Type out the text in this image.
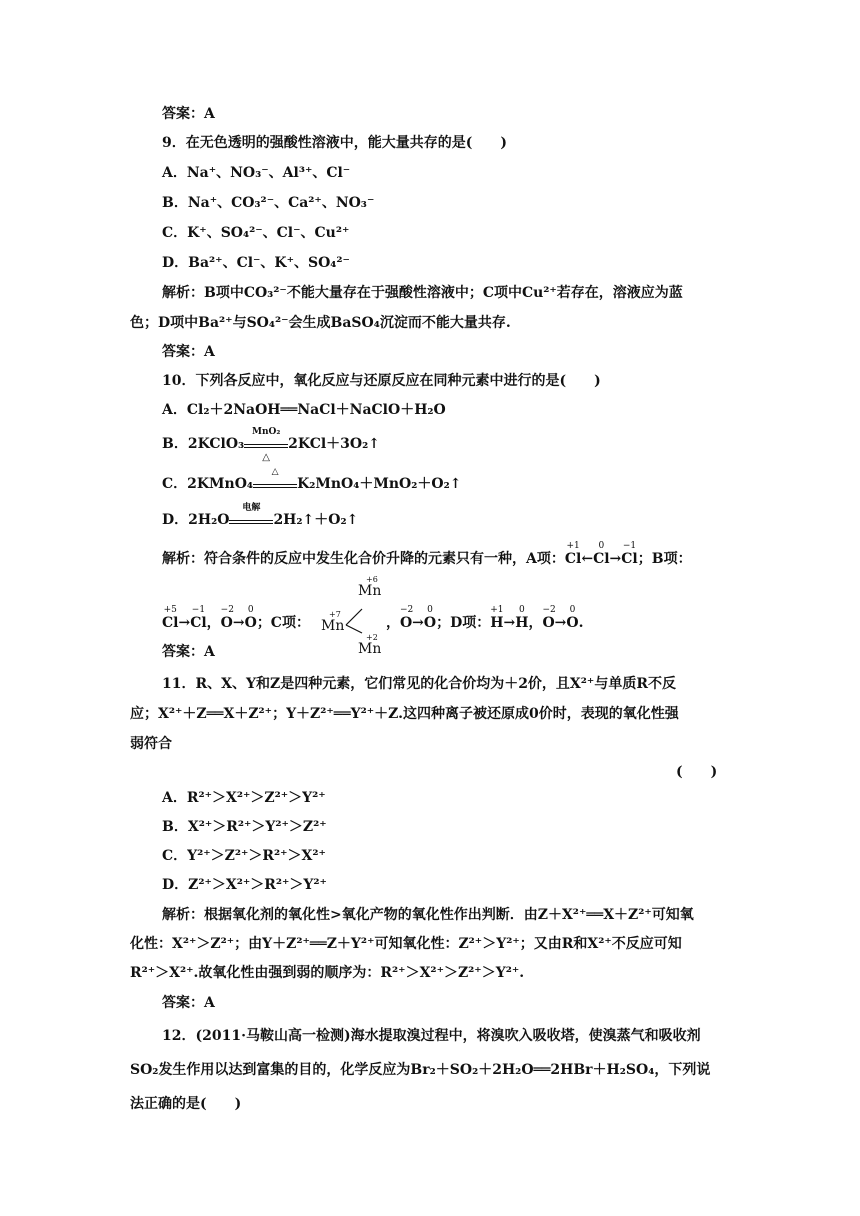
答案：A
9．在无色透明的强酸性溶液中，能大量共存的是(　　)
A．Na⁺、NO₃⁻、Al³⁺、Cl⁻
B．Na⁺、CO₃²⁻、Ca²⁺、NO₃⁻
C．K⁺、SO₄²⁻、Cl⁻、Cu²⁺
D．Ba²⁺、Cl⁻、K⁺、SO₄²⁻
解析：B项中CO₃²⁻不能大量存在于强酸性溶液中；C项中Cu²⁺若存在，溶液应为蓝
色；D项中Ba²⁺与SO₄²⁻会生成BaSO₄沉淀而不能大量共存.
答案：A
10．下列各反应中，氧化反应与还原反应在同种元素中进行的是(　　)
A．Cl₂＋2NaOH══NaCl＋NaClO＋H₂O
B．2KClO₃
MnO₂
△
2KCl＋3O₂↑
C．2KMnO₄
△
K₂MnO₄＋MnO₂＋O₂↑
D．2H₂O
电解
2H₂↑＋O₂↑
解析：符合条件的反应中发生化合价升降的元素只有一种，A项：
+1
Cl←
0
Cl→
−1
Cl；B项：
+5
Cl→
−1
Cl，
−2
O→
0
O；C项：	，
−2
O→
0
O；D项：
+1
H→
0
H，
−2
O→
0
O.
+6
Mn
+7
Mn
+2
Mn
答案：A
11．R、X、Y和Z是四种元素，它们常见的化合价均为＋2价，且X²⁺与单质R不反
应；X²⁺＋Z══X＋Z²⁺；Y＋Z²⁺══Y²⁺＋Z.这四种离子被还原成0价时，表现的氧化性强
弱符合
(　　)
A．R²⁺＞X²⁺＞Z²⁺＞Y²⁺
B．X²⁺＞R²⁺＞Y²⁺＞Z²⁺
C．Y²⁺＞Z²⁺＞R²⁺＞X²⁺
D．Z²⁺＞X²⁺＞R²⁺＞Y²⁺
解析：根据氧化剂的氧化性>氧化产物的氧化性作出判断．由Z＋X²⁺══X＋Z²⁺可知氧
化性：X²⁺＞Z²⁺；由Y＋Z²⁺══Z＋Y²⁺可知氧化性：Z²⁺＞Y²⁺；又由R和X²⁺不反应可知
R²⁺＞X²⁺.故氧化性由强到弱的顺序为：R²⁺＞X²⁺＞Z²⁺＞Y²⁺.
答案：A
12．(2011·马鞍山高一检测)海水提取溴过程中，将溴吹入吸收塔，使溴蒸气和吸收剂
SO₂发生作用以达到富集的目的，化学反应为Br₂＋SO₂＋2H₂O══2HBr＋H₂SO₄，下列说
法正确的是(　　)
